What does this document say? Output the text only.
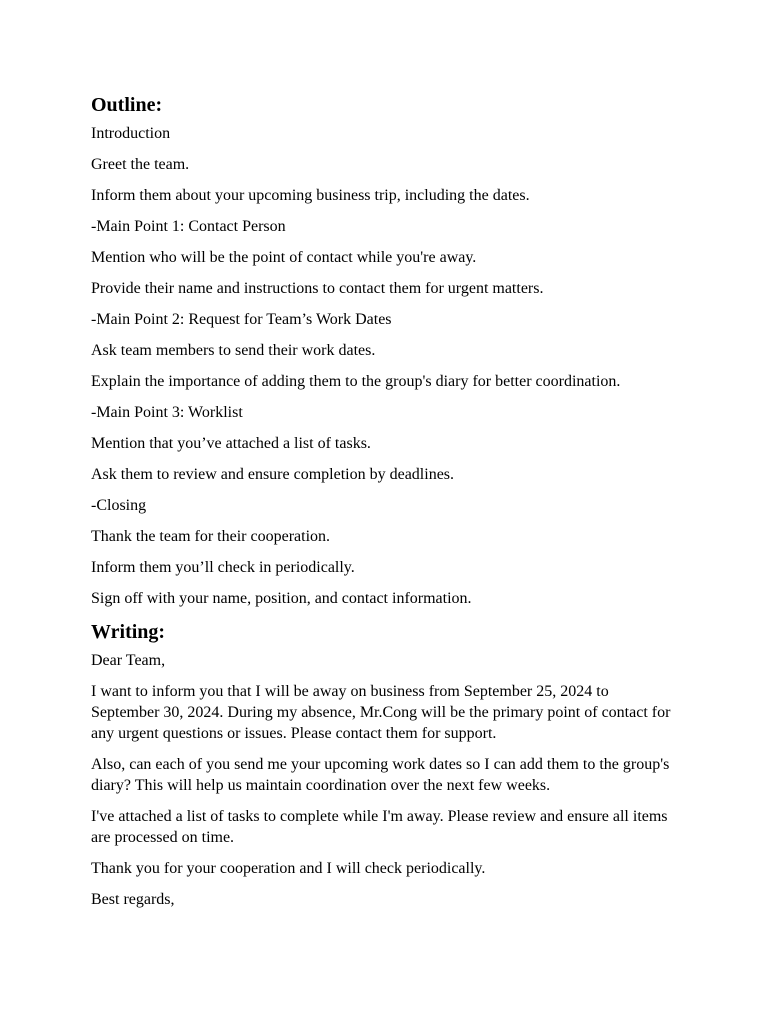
Outline:
Introduction
Greet the team.
Inform them about your upcoming business trip, including the dates.
-Main Point 1: Contact Person
Mention who will be the point of contact while you're away.
Provide their name and instructions to contact them for urgent matters.
-Main Point 2: Request for Team’s Work Dates
Ask team members to send their work dates.
Explain the importance of adding them to the group's diary for better coordination.
-Main Point 3: Worklist
Mention that you’ve attached a list of tasks.
Ask them to review and ensure completion by deadlines.
-Closing
Thank the team for their cooperation.
Inform them you’ll check in periodically.
Sign off with your name, position, and contact information.
Writing:
Dear Team,
I want to inform you that I will be away on business from September 25, 2024 to September 30, 2024. During my absence, Mr.Cong will be the primary point of contact for any urgent questions or issues. Please contact them for support.
Also, can each of you send me your upcoming work dates so I can add them to the group's diary? This will help us maintain coordination over the next few weeks.
I've attached a list of tasks to complete while I'm away. Please review and ensure all items are processed on time.
Thank you for your cooperation and I will check periodically.
Best regards,
